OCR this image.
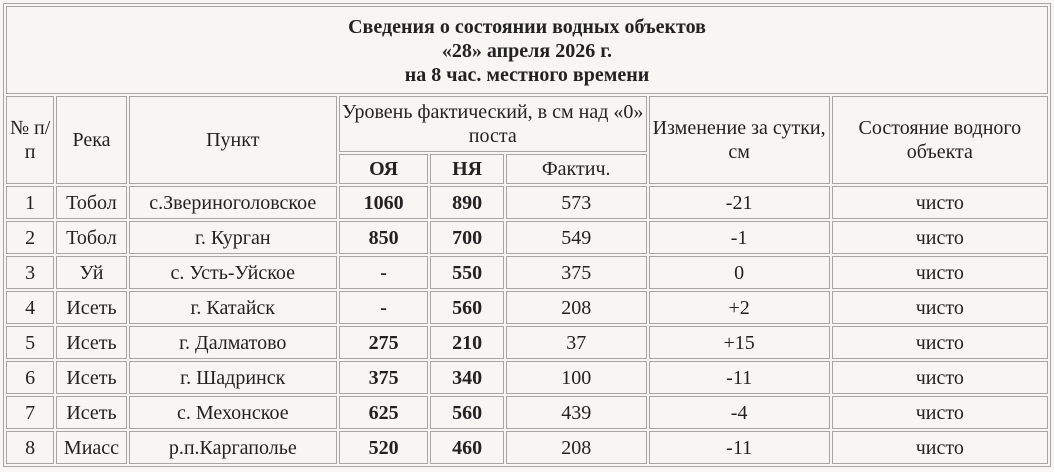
Сведения о состоянии водных объектов
«28» апреля 2026 г.
на 8 час. местного времени							

№ п/п	Река	Пункт	Уровень фактический, в см над «0» поста			Изменение за сутки, см	Состояние водного объекта
			ОЯ	НЯ	Фактич.		
1	Тобол	с.Звериноголовское	1060	890	573	-21	чисто
2	Тобол	г. Курган	850	700	549	-1	чисто
3	Уй	с. Усть-Уйское	-	550	375	0	чисто
4	Исеть	г. Катайск	-	560	208	+2	чисто
5	Исеть	г. Далматово	275	210	37	+15	чисто
6	Исеть	г. Шадринск	375	340	100	-11	чисто
7	Исеть	с. Мехонское	625	560	439	-4	чисто
8	Миасс	р.п.Каргаполье	520	460	208	-11	чисто
